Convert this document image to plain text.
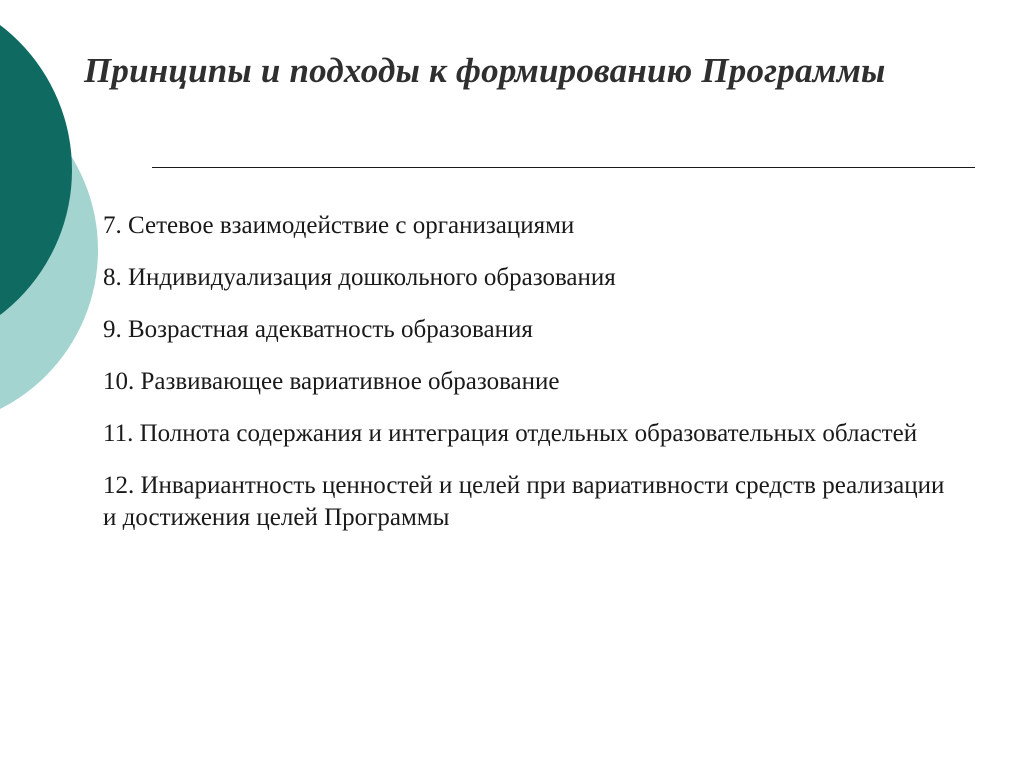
Принципы и подходы к формированию Программы
7. Сетевое взаимодействие с организациями
8. Индивидуализация дошкольного образования
9. Возрастная адекватность образования
10. Развивающее вариативное образование
11. Полнота содержания и интеграция отдельных образовательных областей
12. Инвариантность ценностей и целей при вариативности средств реализации и достижения целей Программы
